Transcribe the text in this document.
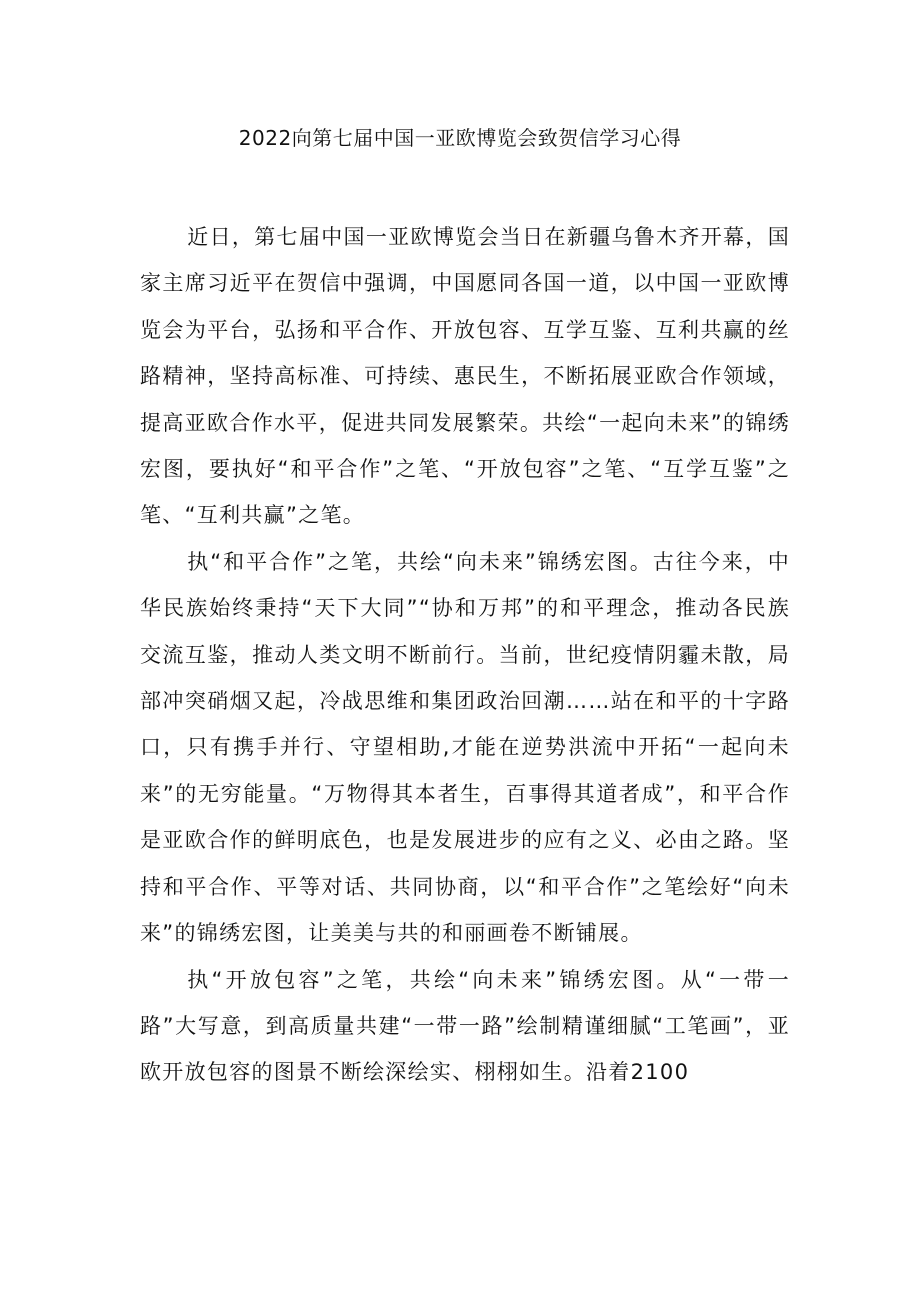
2022向第七届中国一亚欧博览会致贺信学习心得

近日，第七届中国一亚欧博览会当日在新疆乌鲁木齐开幕，国家主席习近平在贺信中强调，中国愿同各国一道，以中国一亚欧博览会为平台，弘扬和平合作、开放包容、互学互鉴、互利共赢的丝路精神，坚持高标准、可持续、惠民生，不断拓展亚欧合作领域，提高亚欧合作水平，促进共同发展繁荣。共绘“一起向未来”的锦绣宏图，要执好“和平合作”之笔、“开放包容”之笔、“互学互鉴”之笔、“互利共赢”之笔。

执“和平合作”之笔，共绘“向未来”锦绣宏图。古往今来，中华民族始终秉持“天下大同”“协和万邦”的和平理念，推动各民族交流互鉴，推动人类文明不断前行。当前，世纪疫情阴霾未散，局部冲突硝烟又起，冷战思维和集团政治回潮……站在和平的十字路口，只有携手并行、守望相助,才能在逆势洪流中开拓“一起向未来”的无穷能量。“万物得其本者生，百事得其道者成”，和平合作是亚欧合作的鲜明底色，也是发展进步的应有之义、必由之路。坚持和平合作、平等对话、共同协商，以“和平合作”之笔绘好“向未来”的锦绣宏图，让美美与共的和丽画卷不断铺展。

执“开放包容”之笔，共绘“向未来”锦绣宏图。从“一带一路”大写意，到高质量共建“一带一路”绘制精谨细腻“工笔画”，亚欧开放包容的图景不断绘深绘实、栩栩如生。沿着2100
